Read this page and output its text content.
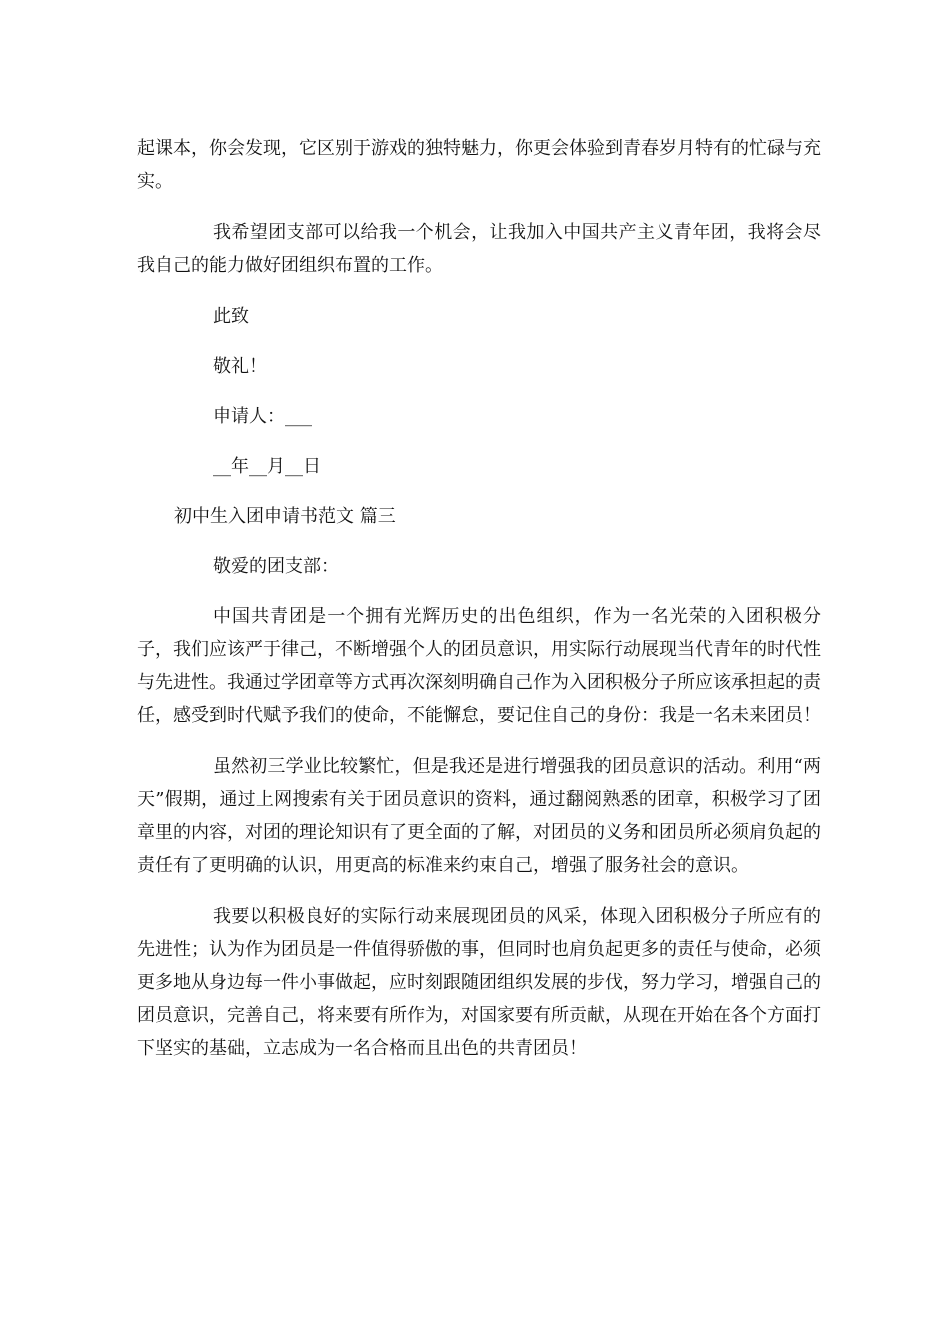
起课本，你会发现，它区别于游戏的独特魅力，你更会体验到青春岁月特有的忙碌与充实。

我希望团支部可以给我一个机会，让我加入中国共产主义青年团，我将会尽我自己的能力做好团组织布置的工作。

此致

敬礼！

申请人：___

__年__月__日

初中生入团申请书范文 篇三

敬爱的团支部：

中国共青团是一个拥有光辉历史的出色组织，作为一名光荣的入团积极分子，我们应该严于律己，不断增强个人的团员意识，用实际行动展现当代青年的时代性与先进性。我通过学团章等方式再次深刻明确自己作为入团积极分子所应该承担起的责任，感受到时代赋予我们的使命，不能懈怠，要记住自己的身份：我是一名未来团员！

虽然初三学业比较繁忙，但是我还是进行增强我的团员意识的活动。利用“两天”假期，通过上网搜索有关于团员意识的资料，通过翻阅熟悉的团章，积极学习了团章里的内容，对团的理论知识有了更全面的了解，对团员的义务和团员所必须肩负起的责任有了更明确的认识，用更高的标准来约束自己，增强了服务社会的意识。

我要以积极良好的实际行动来展现团员的风采，体现入团积极分子所应有的先进性；认为作为团员是一件值得骄傲的事，但同时也肩负起更多的责任与使命，必须更多地从身边每一件小事做起，应时刻跟随团组织发展的步伐，努力学习，增强自己的团员意识，完善自己，将来要有所作为，对国家要有所贡献，从现在开始在各个方面打下坚实的基础，立志成为一名合格而且出色的共青团员！
